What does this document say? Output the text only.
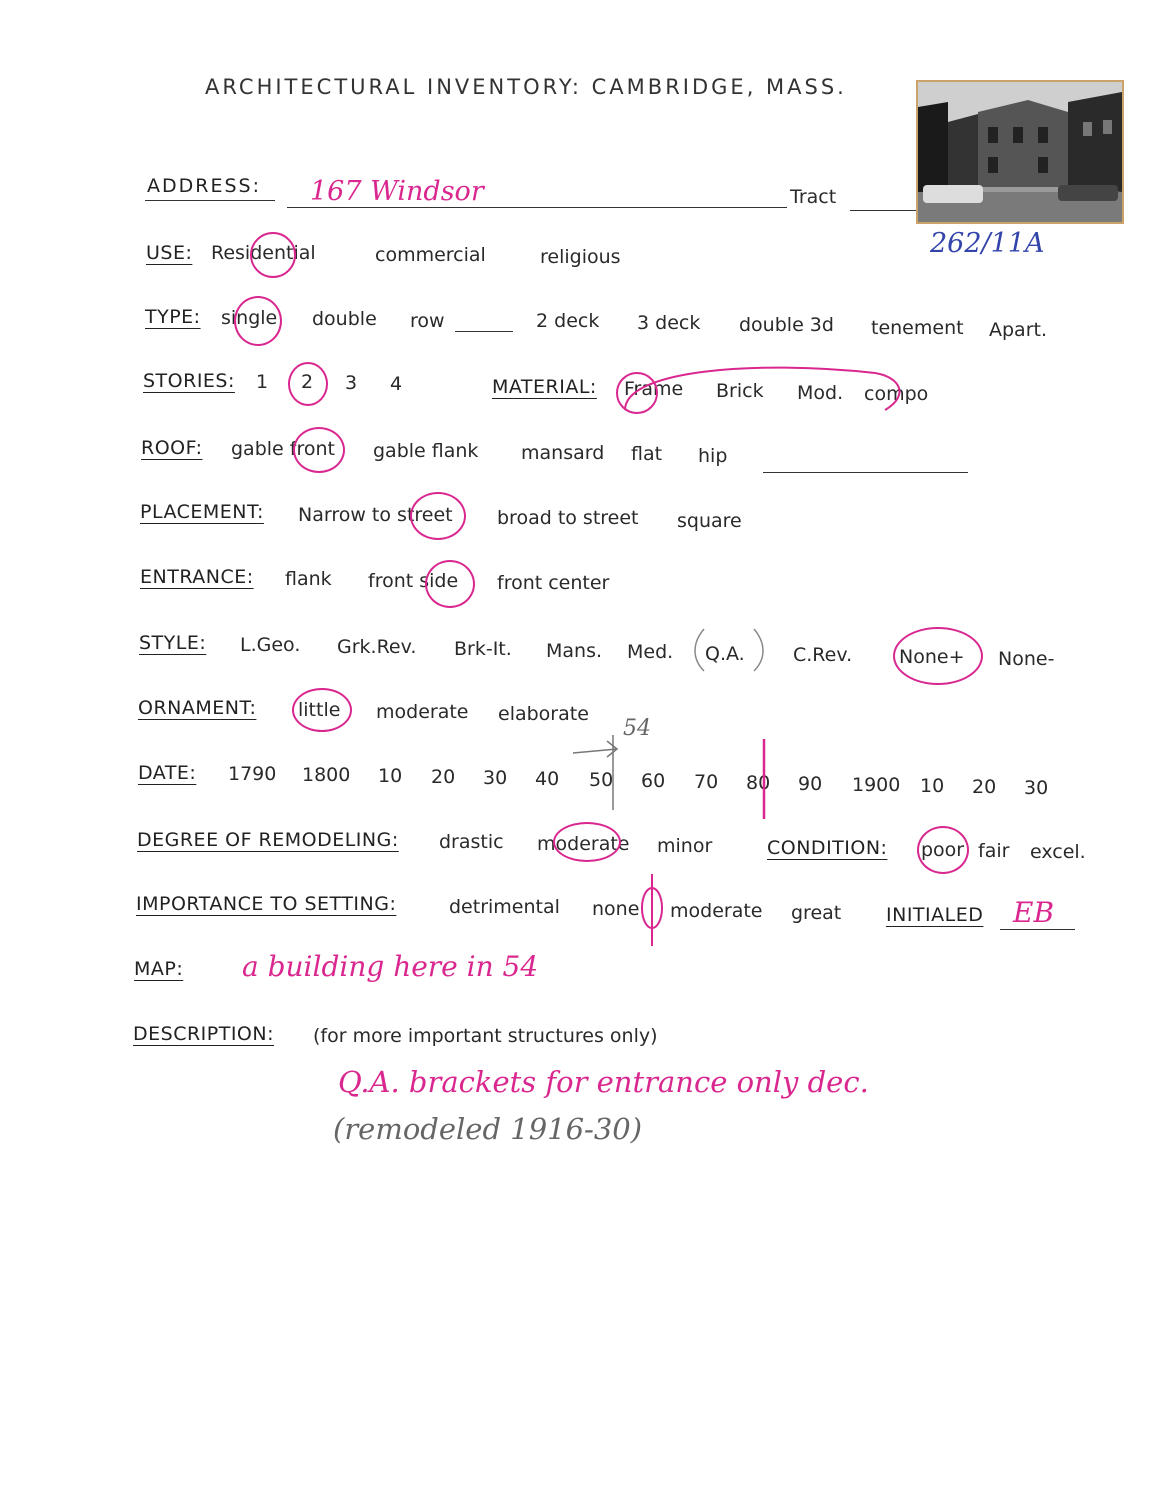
ARCHITECTURAL INVENTORY: CAMBRIDGE, MASS.
ADDRESS: 167 Windsor	Tract
262/11A
USE: Residential	commercial	religious
TYPE: single double row	2 deck 3 deck double 3d tenement Apart.
STORIES: 1 2 3 4	MATERIAL: Frame Brick Mod. compo
ROOF: gable front gable flank mansard flat hip
PLACEMENT: Narrow to street broad to street square
ENTRANCE: flank front side front center
STYLE: L.Geo. Grk.Rev. Brk-It. Mans. Med. Q.A.	C.Rev. None+ None-
ORNAMENT: little moderate elaborate
DATE: 1790 1800 10 20 30 40 50 60 70 80 90 1900 10 20 30
54
DEGREE OF REMODELING: drastic moderate minor	CONDITION: poor fair excel.
IMPORTANCE TO SETTING:	detrimental none moderate great INITIALED EB
MAP: a building here in 54
DESCRIPTION: (for more important structures only)
Q.A. brackets for entrance only dec.
(remodeled 1916-30)
